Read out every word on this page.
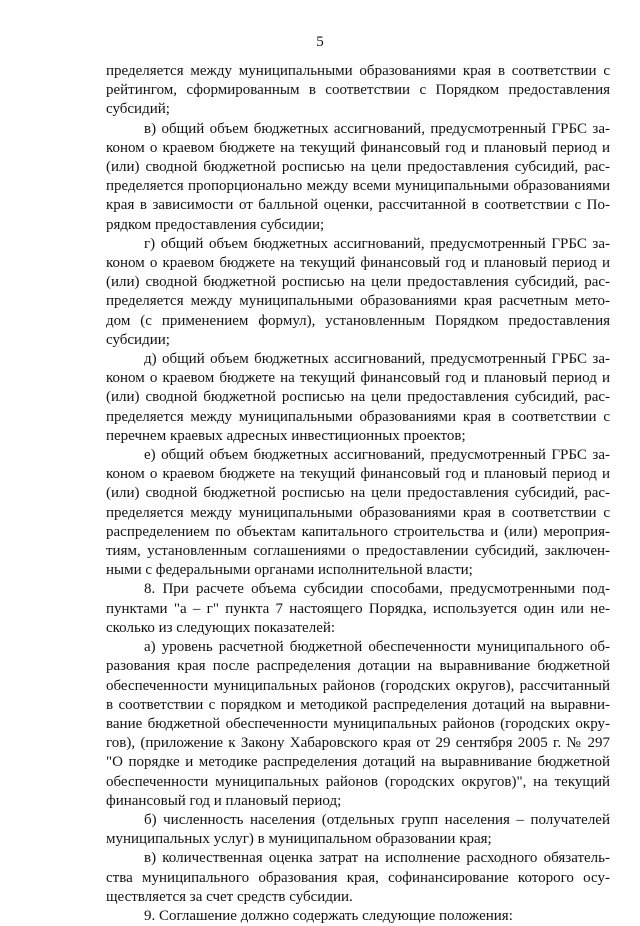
5
пределяется между муниципальными образованиями края в соответствии с
рейтингом, сформированным в соответствии с Порядком предоставления
субсидий;
в) общий объем бюджетных ассигнований, предусмотренный ГРБС за-
коном о краевом бюджете на текущий финансовый год и плановый период и
(или) сводной бюджетной росписью на цели предоставления субсидий, рас-
пределяется пропорционально между всеми муниципальными образованиями
края в зависимости от балльной оценки, рассчитанной в соответствии с По-
рядком предоставления субсидии;
г) общий объем бюджетных ассигнований, предусмотренный ГРБС за-
коном о краевом бюджете на текущий финансовый год и плановый период и
(или) сводной бюджетной росписью на цели предоставления субсидий, рас-
пределяется между муниципальными образованиями края расчетным мето-
дом (с применением формул), установленным Порядком предоставления
субсидии;
д) общий объем бюджетных ассигнований, предусмотренный ГРБС за-
коном о краевом бюджете на текущий финансовый год и плановый период и
(или) сводной бюджетной росписью на цели предоставления субсидий, рас-
пределяется между муниципальными образованиями края в соответствии с
перечнем краевых адресных инвестиционных проектов;
е) общий объем бюджетных ассигнований, предусмотренный ГРБС за-
коном о краевом бюджете на текущий финансовый год и плановый период и
(или) сводной бюджетной росписью на цели предоставления субсидий, рас-
пределяется между муниципальными образованиями края в соответствии с
распределением по объектам капитального строительства и (или) мероприя-
тиям, установленным соглашениями о предоставлении субсидий, заключен-
ными с федеральными органами исполнительной власти;
8. При расчете объема субсидии способами, предусмотренными под-
пунктами "а – г" пункта 7 настоящего Порядка, используется один или не-
сколько из следующих показателей:
а) уровень расчетной бюджетной обеспеченности муниципального об-
разования края после распределения дотации на выравнивание бюджетной
обеспеченности муниципальных районов (городских округов), рассчитанный
в соответствии с порядком и методикой распределения дотаций на выравни-
вание бюджетной обеспеченности муниципальных районов (городских окру-
гов), (приложение к Закону Хабаровского края от 29 сентября 2005 г. № 297
"О порядке и методике распределения дотаций на выравнивание бюджетной
обеспеченности муниципальных районов (городских округов)", на текущий
финансовый год и плановый период;
б) численность населения (отдельных групп населения – получателей
муниципальных услуг) в муниципальном образовании края;
в) количественная оценка затрат на исполнение расходного обязатель-
ства муниципального образования края, софинансирование которого осу-
ществляется за счет средств субсидии.
9. Соглашение должно содержать следующие положения:
